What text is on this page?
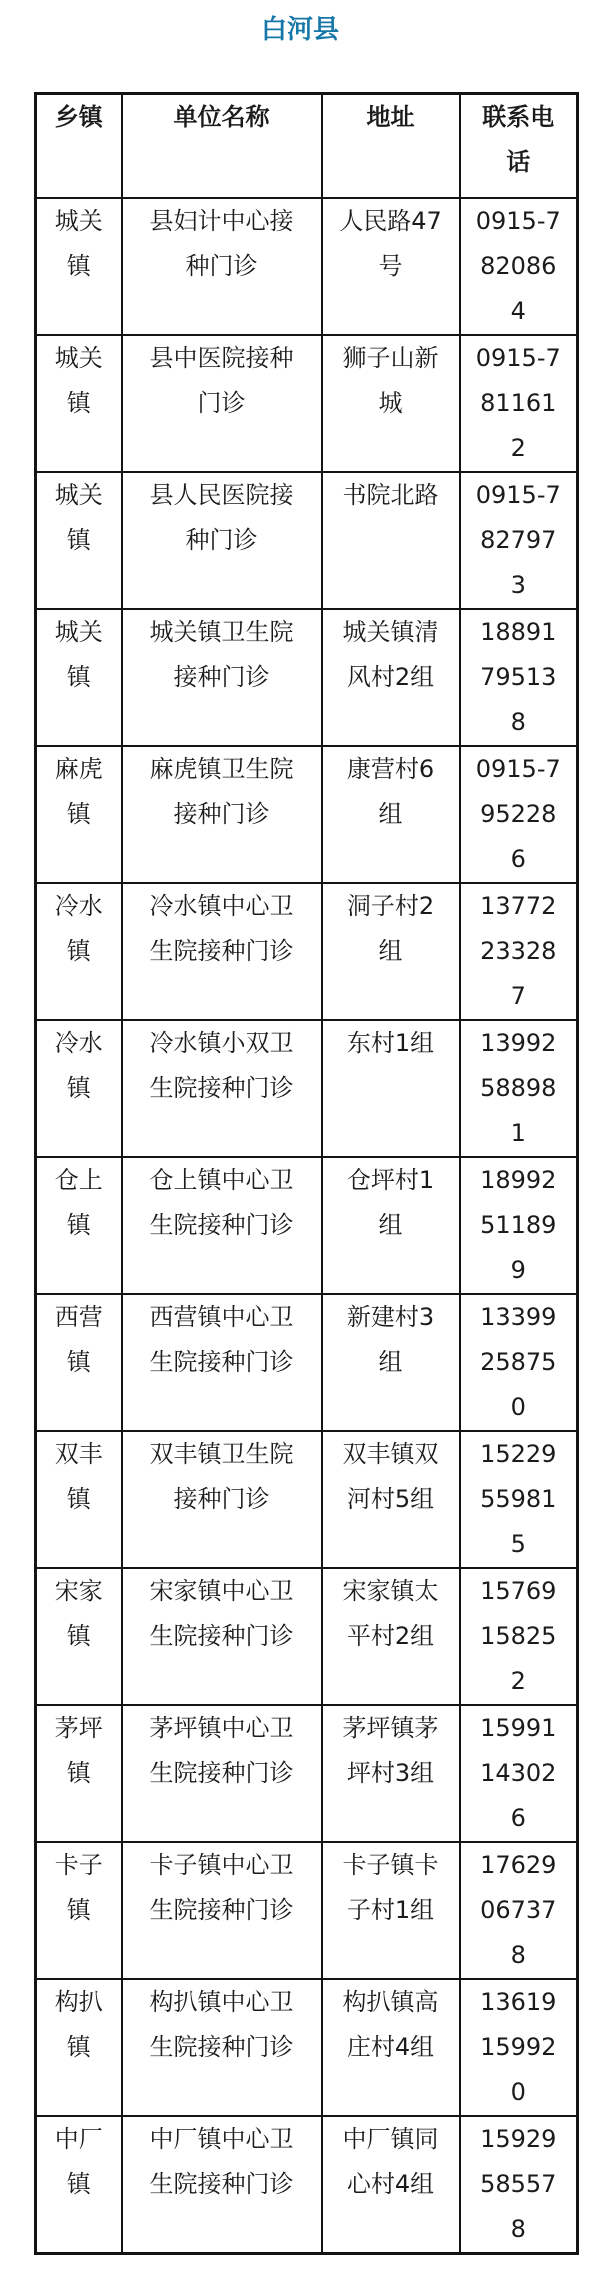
白河县
乡镇	单位名称	地址	联系电话
城关镇	县妇计中心接种门诊	人民路47号	0915-7820864
城关镇	县中医院接种门诊	狮子山新城	0915-7811612
城关镇	县人民医院接种门诊	书院北路	0915-7827973
城关镇	城关镇卫生院接种门诊	城关镇清风村2组	18891795138
麻虎镇	麻虎镇卫生院接种门诊	康营村6组	0915-7952286
冷水镇	冷水镇中心卫生院接种门诊	洞子村2组	13772233287
冷水镇	冷水镇小双卫生院接种门诊	东村1组	13992588981
仓上镇	仓上镇中心卫生院接种门诊	仓坪村1组	18992511899
西营镇	西营镇中心卫生院接种门诊	新建村3组	13399258750
双丰镇	双丰镇卫生院接种门诊	双丰镇双河村5组	15229559815
宋家镇	宋家镇中心卫生院接种门诊	宋家镇太平村2组	15769158252
茅坪镇	茅坪镇中心卫生院接种门诊	茅坪镇茅坪村3组	15991143026
卡子镇	卡子镇中心卫生院接种门诊	卡子镇卡子村1组	17629067378
构扒镇	构扒镇中心卫生院接种门诊	构扒镇高庄村4组	13619159920
中厂镇	中厂镇中心卫生院接种门诊	中厂镇同心村4组	15929585578
